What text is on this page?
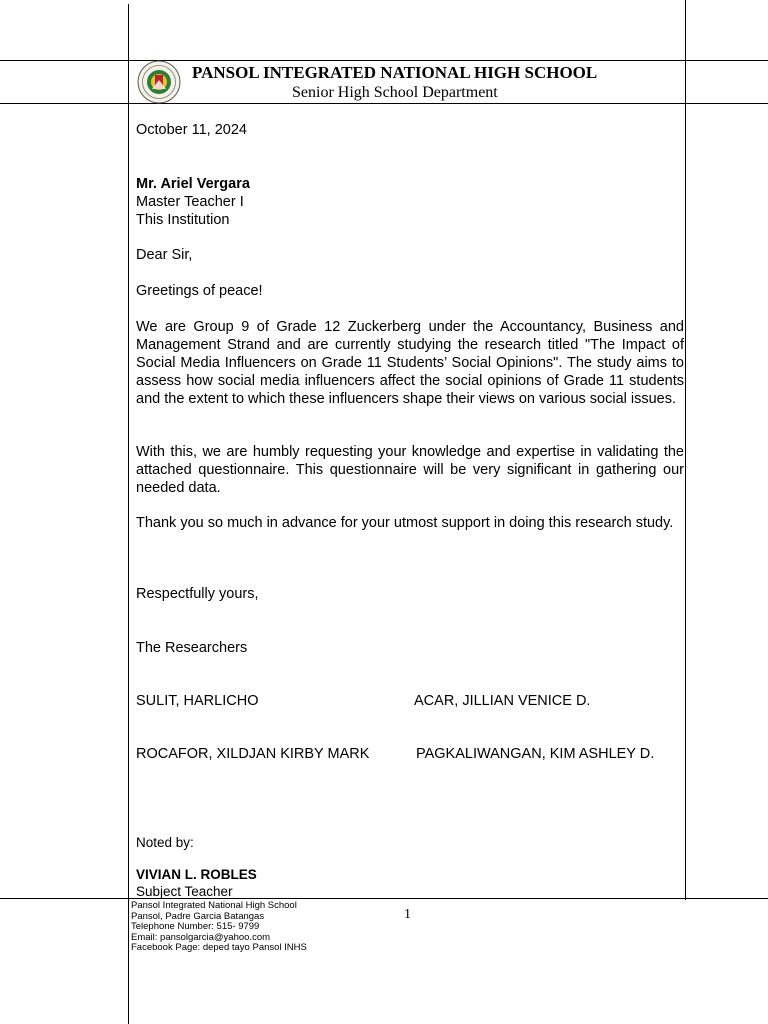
PANSOL INTEGRATED NATIONAL HIGH SCHOOL
Senior High School Department
October 11, 2024
Mr. Ariel Vergara
Master Teacher I
This Institution
Dear Sir,
Greetings of peace!
We are Group 9 of Grade 12 Zuckerberg under the Accountancy, Business and Management Strand and are currently studying the research titled "The Impact of Social Media Influencers on Grade 11 Students’ Social Opinions". The study aims to assess how social media influencers affect the social opinions of Grade 11 students and the extent to which these influencers shape their views on various social issues.
With this, we are humbly requesting your knowledge and expertise in validating the attached questionnaire. This questionnaire will be very significant in gathering our needed data.
Thank you so much in advance for your utmost support in doing this research study.
Respectfully yours,
The Researchers
SULIT, HARLICHO	ACAR, JILLIAN VENICE D.
ROCAFOR, XILDJAN KIRBY MARK	PAGKALIWANGAN, KIM ASHLEY D.
Noted by:
VIVIAN L. ROBLES
Subject Teacher
Pansol Integrated National High School
Pansol, Padre Garcia Batangas
Telephone Number: 515- 9799
Email: pansolgarcia@yahoo.com
Facebook Page: deped tayo Pansol INHS
1
